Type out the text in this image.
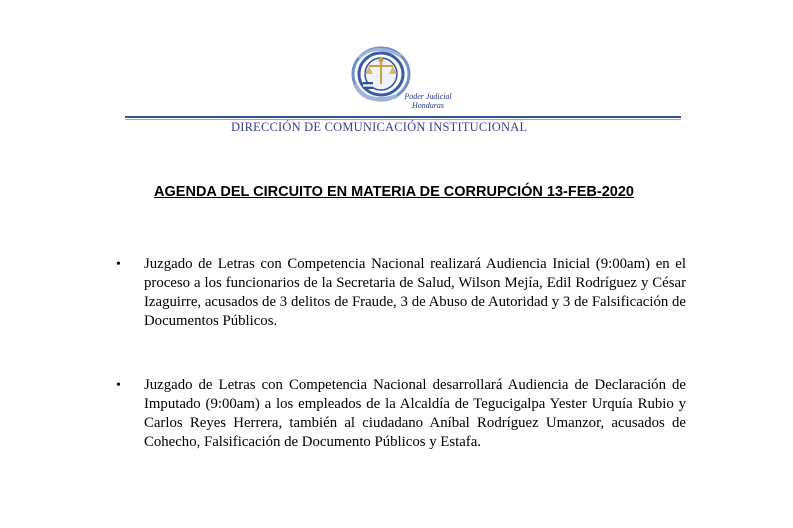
Poder Judicial
Honduras
DIRECCIÓN DE COMUNICACIÓN INSTITUCIONAL
AGENDA DEL CIRCUITO EN MATERIA DE CORRUPCIÓN 13-FEB-2020
• Juzgado de Letras con Competencia Nacional realizará Audiencia Inicial (9:00am) en el proceso a los funcionarios de la Secretaria de Salud, Wilson Mejía, Edil Rodríguez y César Izaguirre, acusados de 3 delitos de Fraude, 3 de Abuso de Autoridad y 3 de Falsificación de Documentos Públicos.
• Juzgado de Letras con Competencia Nacional desarrollará Audiencia de Declaración de Imputado (9:00am) a los empleados de la Alcaldía de Tegucigalpa Yester Urquía Rubio y Carlos Reyes Herrera, también al ciudadano Aníbal Rodríguez Umanzor, acusados de Cohecho, Falsificación de Documento Públicos y Estafa.
